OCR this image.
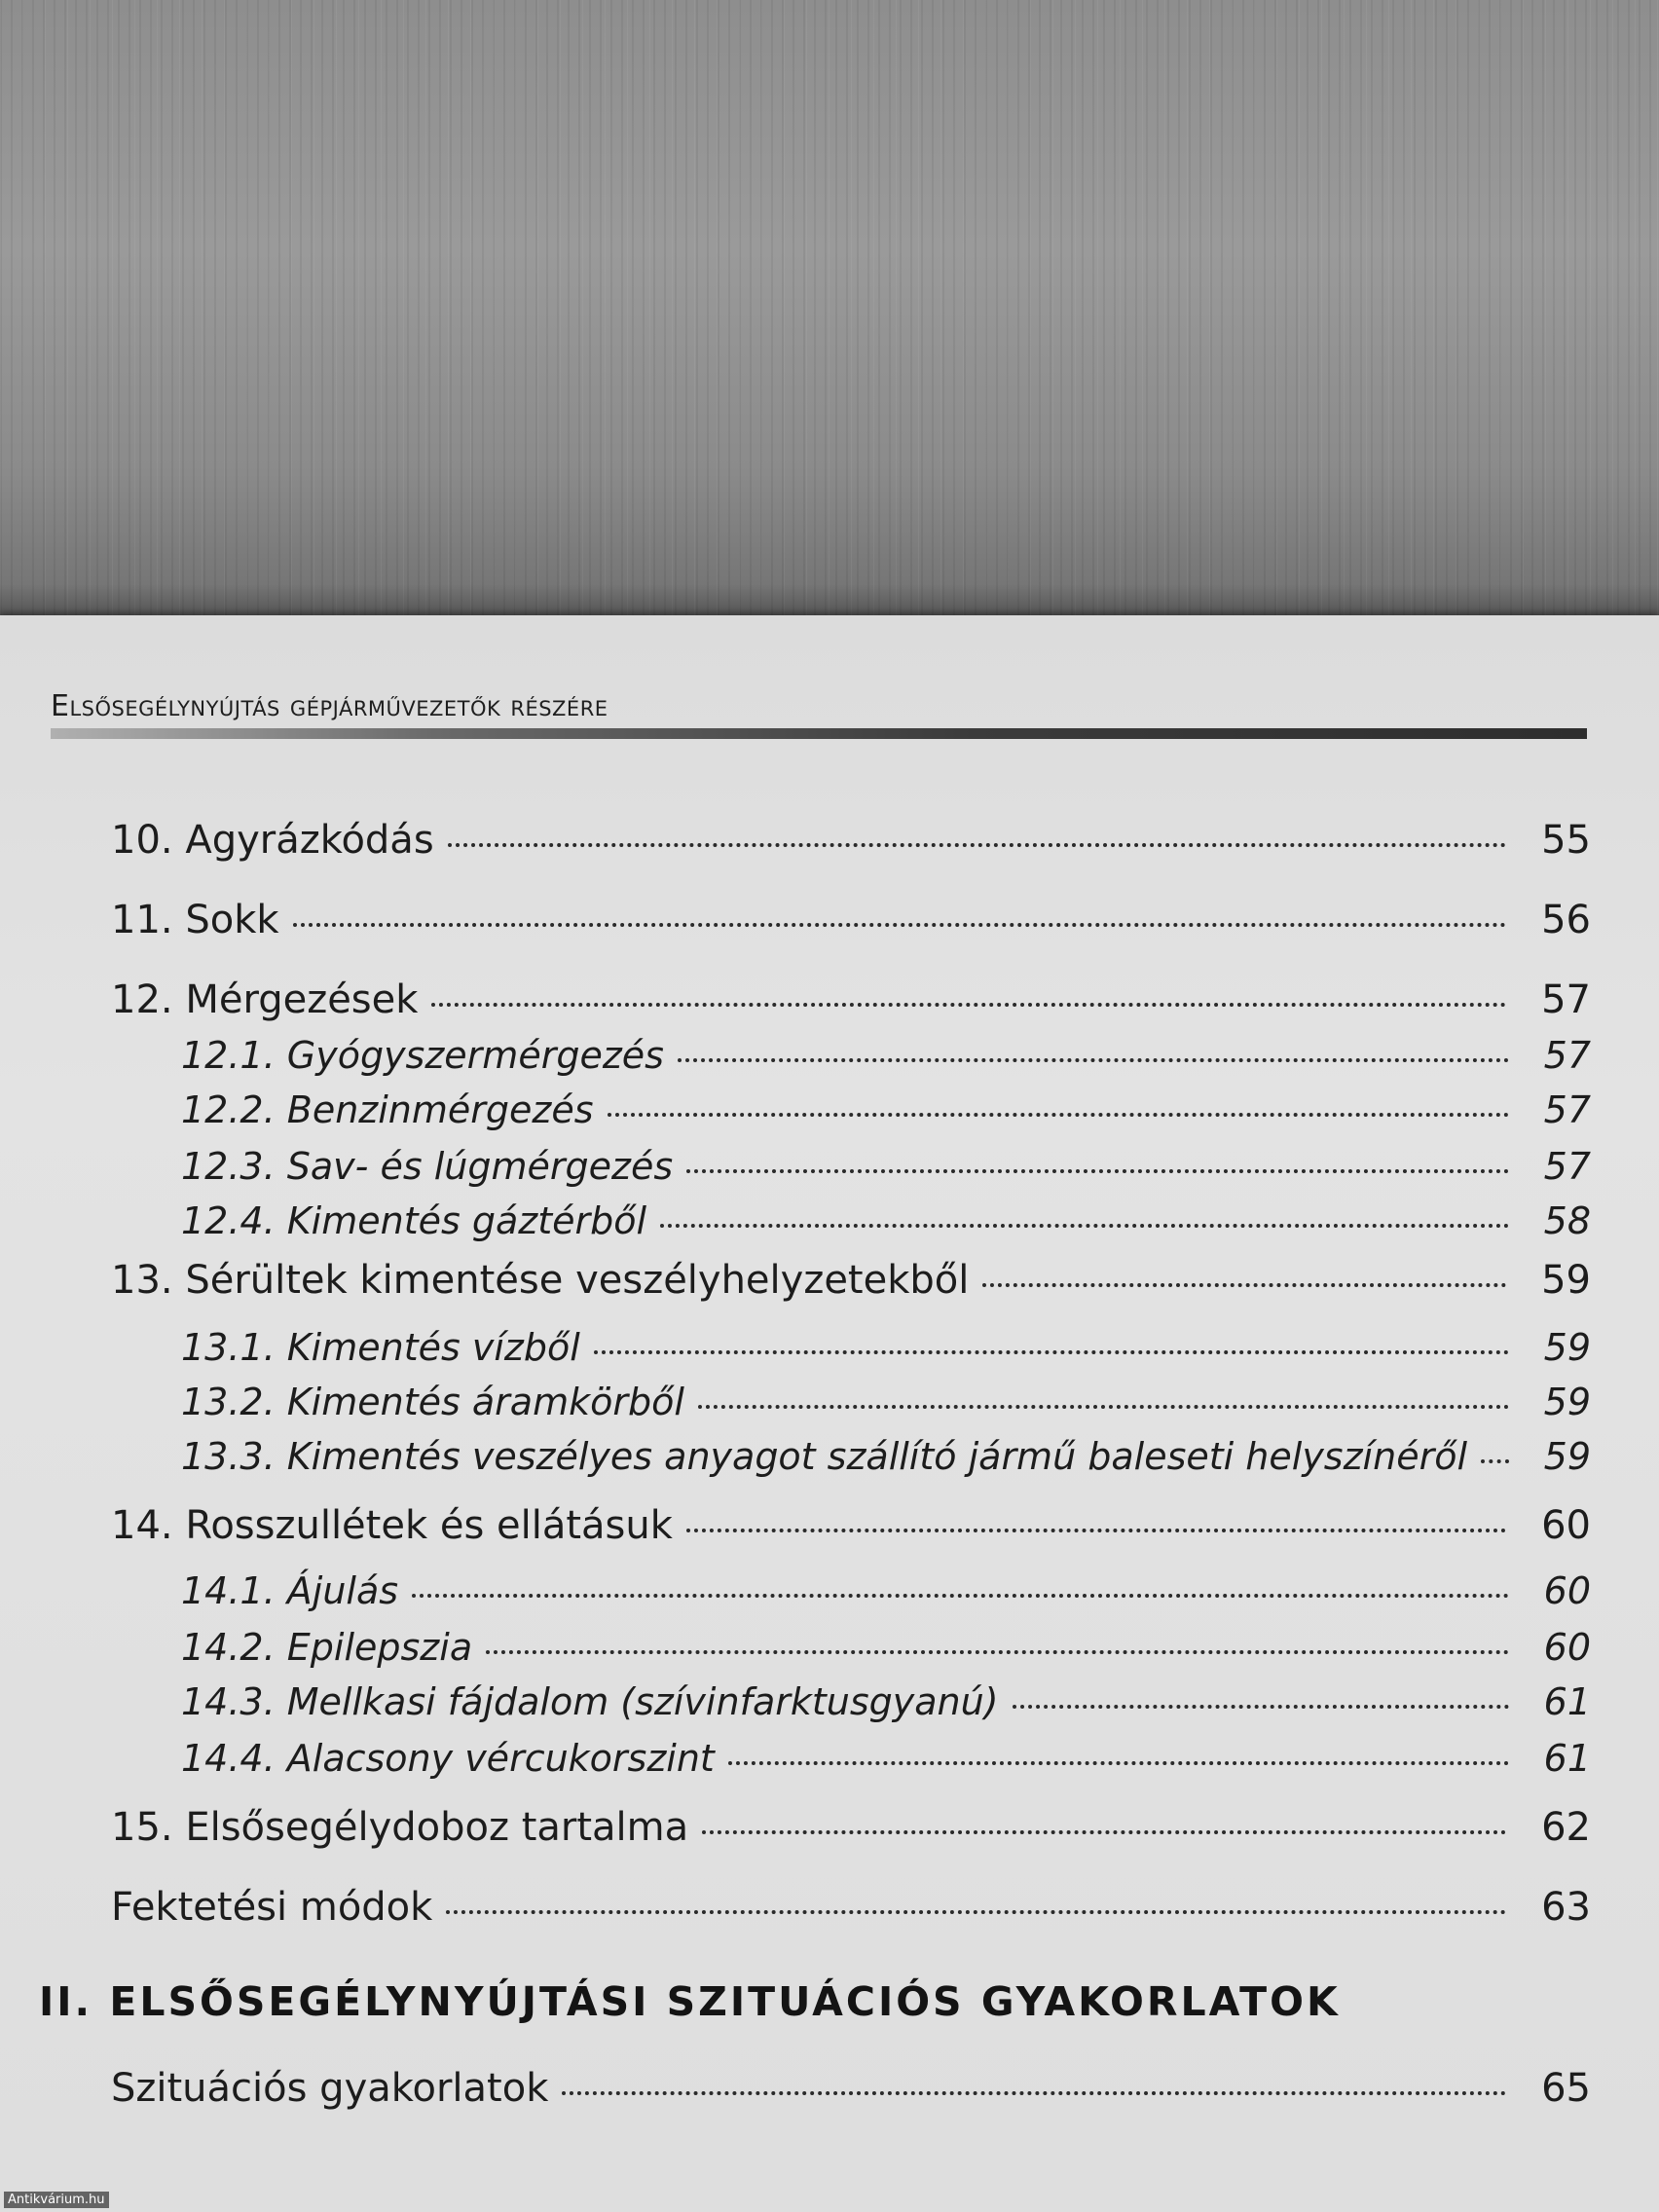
Elsősegélynyújtás gépjárművezetők részére
10. Agyrázkódás	55
11. Sokk	56
12. Mérgezések	57
12.1. Gyógyszermérgezés	57
12.2. Benzinmérgezés	57
12.3. Sav- és lúgmérgezés	57
12.4. Kimentés gáztérből	58
13. Sérültek kimentése veszélyhelyzetekből	59
13.1. Kimentés vízből	59
13.2. Kimentés áramkörből	59
13.3. Kimentés veszélyes anyagot szállító jármű baleseti helyszínéről	59
14. Rosszullétek és ellátásuk	60
14.1. Ájulás	60
14.2. Epilepszia	60
14.3. Mellkasi fájdalom (szívinfarktusgyanú)	61
14.4. Alacsony vércukorszint	61
15. Elsősegélydoboz tartalma	62
Fektetési módok	63
II. ELSŐSEGÉLYNYÚJTÁSI SZITUÁCIÓS GYAKORLATOK
Szituációs gyakorlatok	65
Antikvárium.hu
